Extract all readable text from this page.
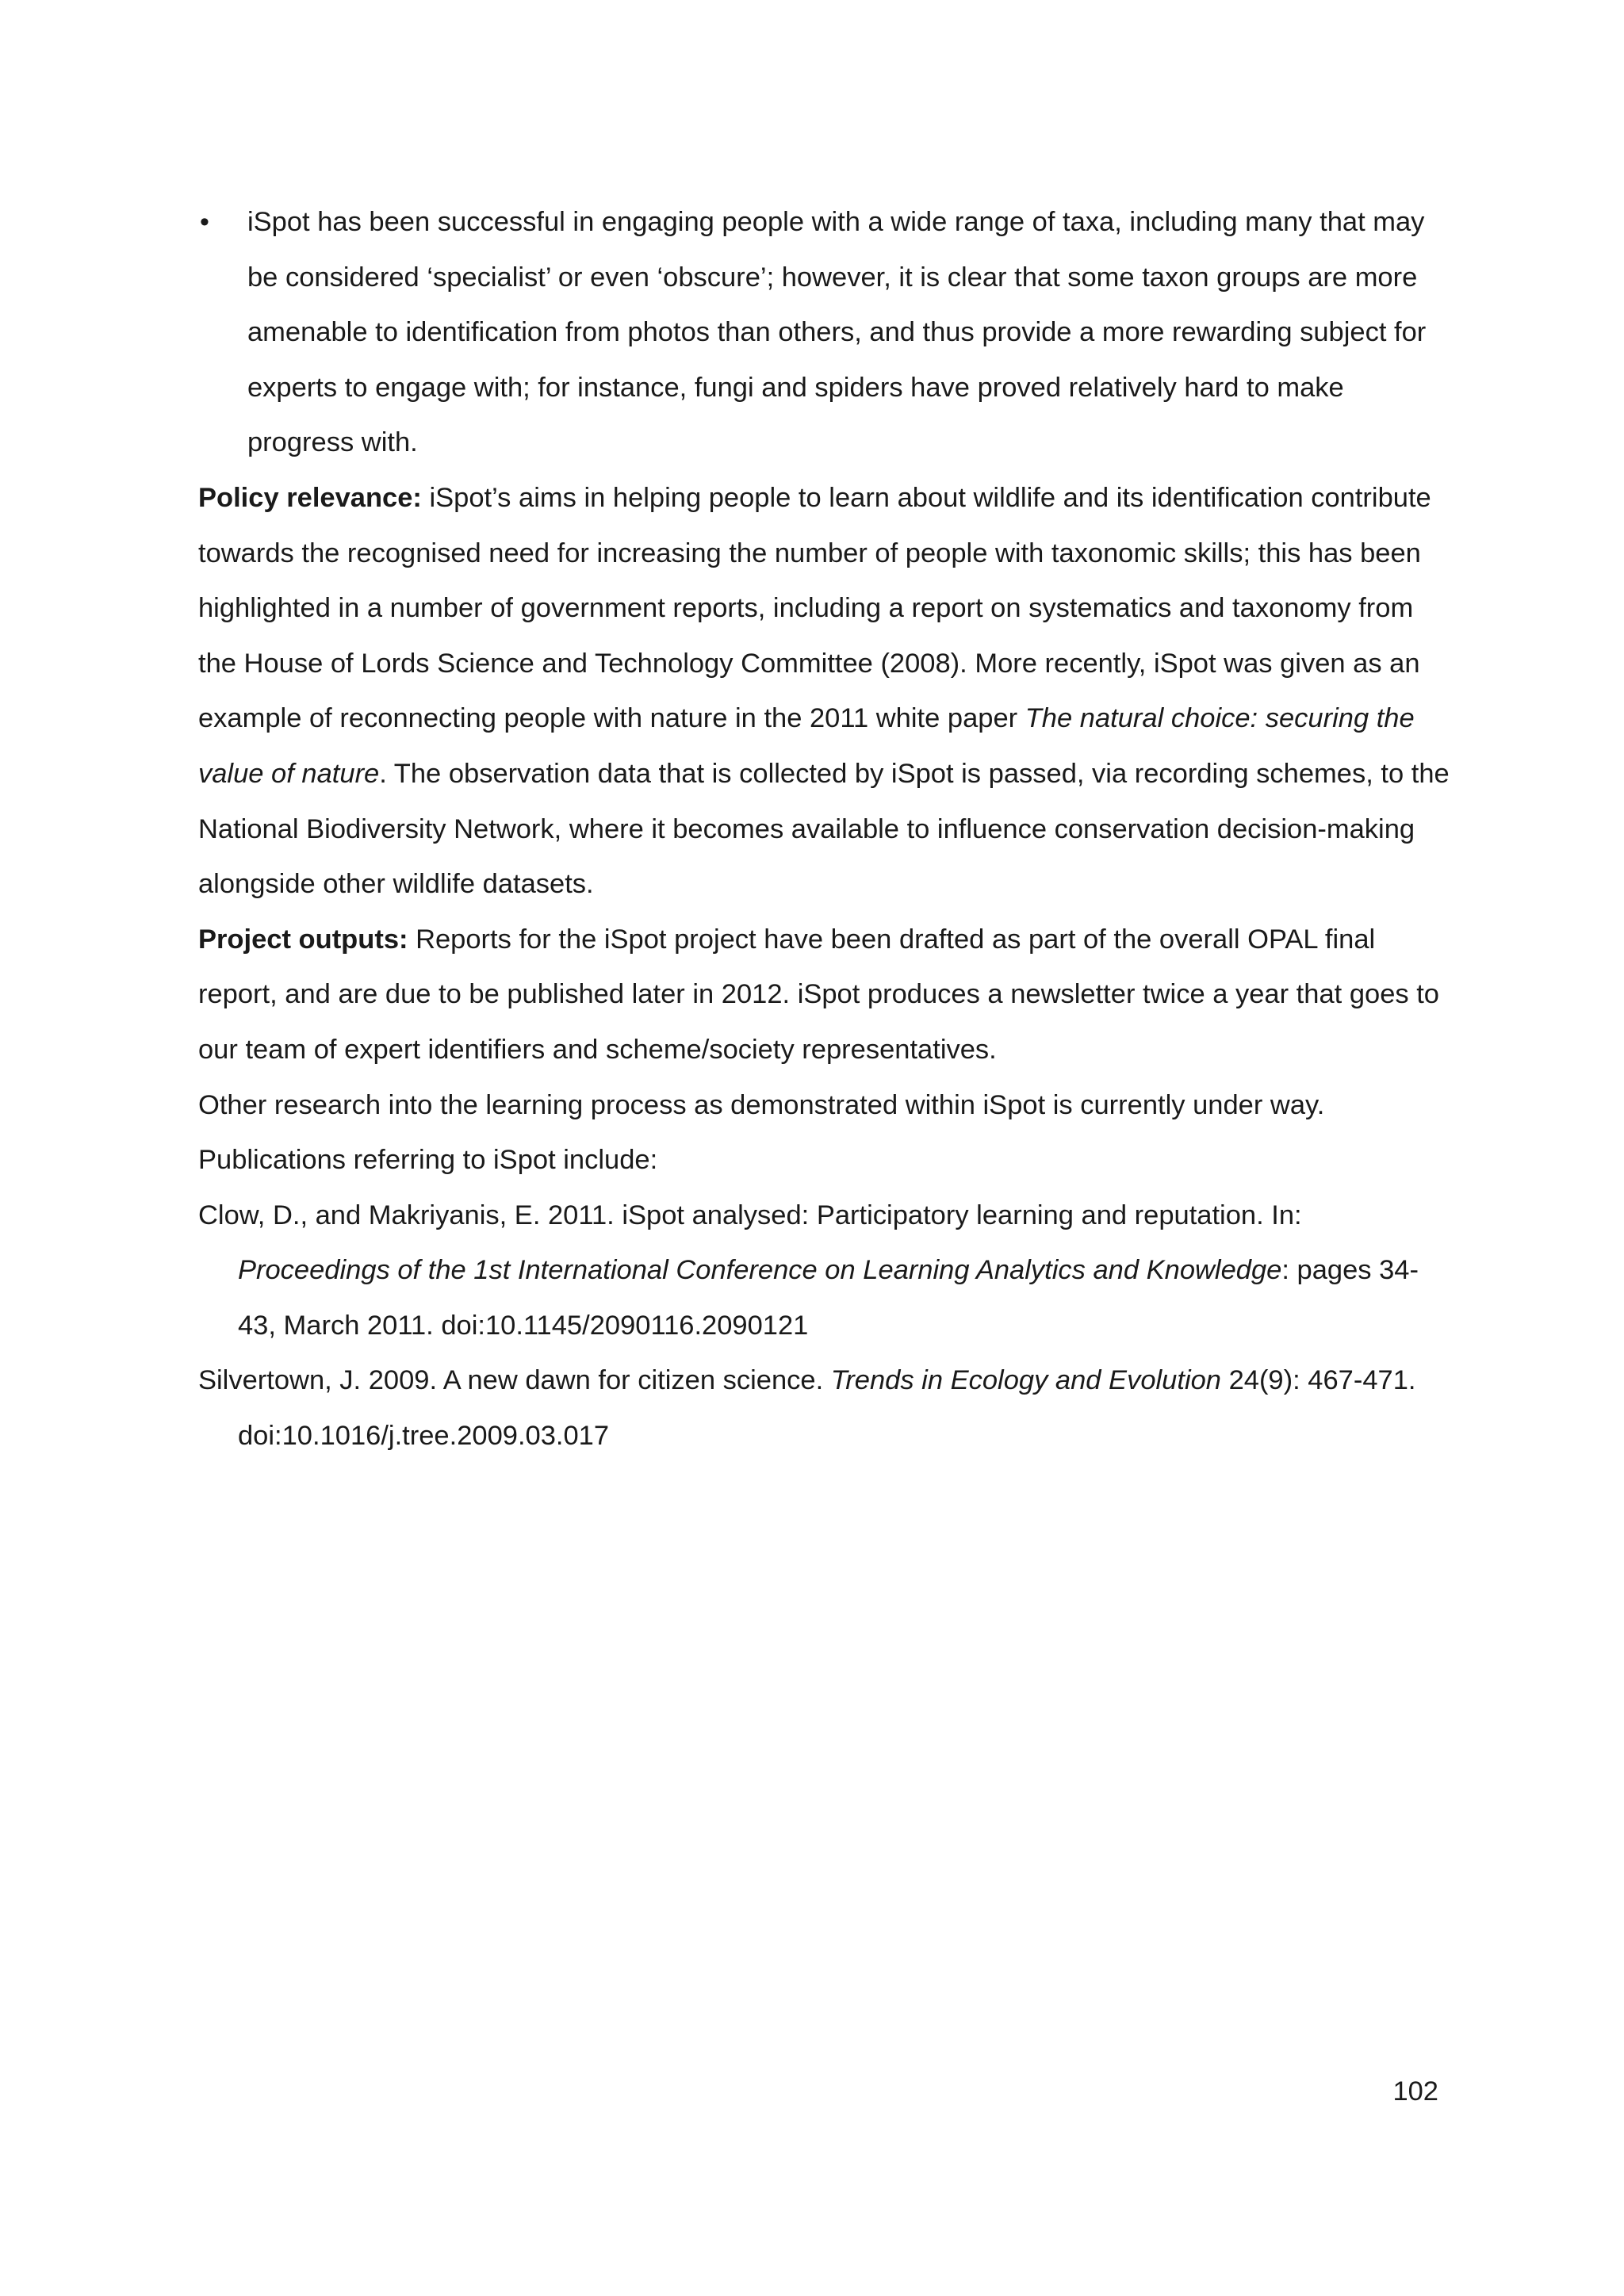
• iSpot has been successful in engaging people with a wide range of taxa, including many that may be considered ‘specialist’ or even ‘obscure’; however, it is clear that some taxon groups are more amenable to identification from photos than others, and thus provide a more rewarding subject for experts to engage with; for instance, fungi and spiders have proved relatively hard to make progress with.

Policy relevance: iSpot’s aims in helping people to learn about wildlife and its identification contribute towards the recognised need for increasing the number of people with taxonomic skills; this has been highlighted in a number of government reports, including a report on systematics and taxonomy from the House of Lords Science and Technology Committee (2008). More recently, iSpot was given as an example of reconnecting people with nature in the 2011 white paper The natural choice: securing the value of nature. The observation data that is collected by iSpot is passed, via recording schemes, to the National Biodiversity Network, where it becomes available to influence conservation decision-making alongside other wildlife datasets.

Project outputs: Reports for the iSpot project have been drafted as part of the overall OPAL final report, and are due to be published later in 2012. iSpot produces a newsletter twice a year that goes to our team of expert identifiers and scheme/society representatives.

Other research into the learning process as demonstrated within iSpot is currently under way.

Publications referring to iSpot include:

Clow, D., and Makriyanis, E. 2011. iSpot analysed: Participatory learning and reputation. In: Proceedings of the 1st International Conference on Learning Analytics and Knowledge: pages 34-43, March 2011. doi:10.1145/2090116.2090121

Silvertown, J. 2009. A new dawn for citizen science. Trends in Ecology and Evolution 24(9): 467-471. doi:10.1016/j.tree.2009.03.017

102
